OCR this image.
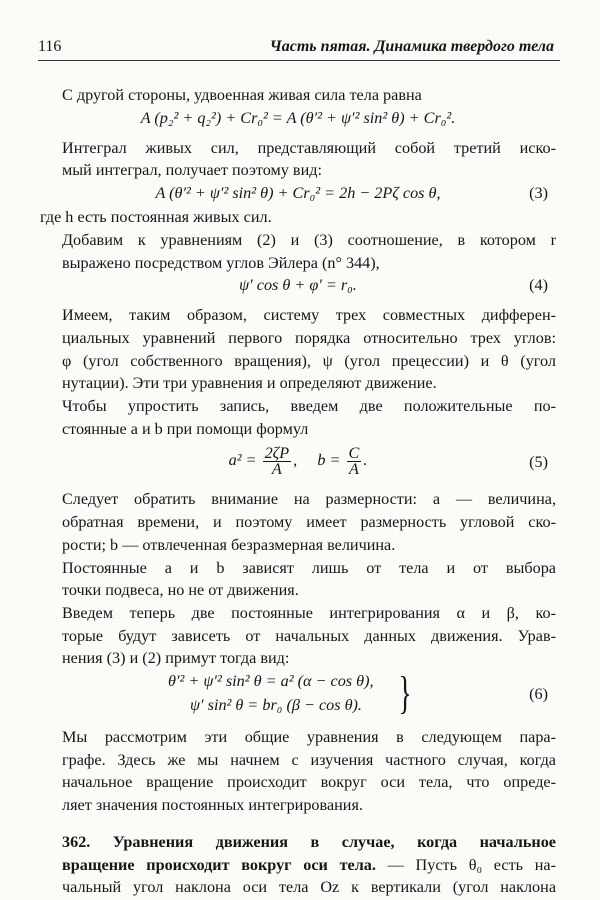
116	Часть пятая. Динамика твердого тела

С другой стороны, удвоенная живая сила тела равна

A (p₂² + q₂²) + Cr₀² = A (θ′² + ψ′² sin² θ) + Cr₀².

Интеграл живых сил, представляющий собой третий иско-
мый интеграл, получает поэтому вид:

A (θ′² + ψ′² sin² θ) + Cr₀² = 2h − 2Pζ cos θ,	(3)

где h есть постоянная живых сил.

Добавим к уравнениям (2) и (3) соотношение, в котором r
выражено посредством углов Эйлера (n° 344),

ψ′ cos θ + φ′ = r₀.	(4)

Имеем, таким образом, систему трех совместных дифферен-
циальных уравнений первого порядка относительно трех углов:
φ (угол собственного вращения), ψ (угол прецессии) и θ (угол
нутации). Эти три уравнения и определяют движение.

Чтобы упростить запись, введем две положительные по-
стоянные a и b при помощи формул

$a^2 = \frac{2\zeta P}{A}$ ,     $b = \frac{C}{A}$ .	(5)

Следует обратить внимание на размерности: a — величина,
обратная времени, и поэтому имеет размерность угловой ско-
рости; b — отвлеченная безразмерная величина.

Постоянные a и b зависят лишь от тела и от выбора
точки подвеса, но не от движения.

Введем теперь две постоянные интегрирования α и β, ко-
торые будут зависеть от начальных данных движения. Урав-
нения (3) и (2) примут тогда вид:

θ′² + ψ′² sin² θ = a² (α − cos θ),
ψ′ sin² θ = br₀ (β − cos θ). }	(6)

Мы рассмотрим эти общие уравнения в следующем пара-
графе. Здесь же мы начнем с изучения частного случая, когда
начальное вращение происходит вокруг оси тела, что опреде-
ляет значения постоянных интегрирования.

362. Уравнения движения в случае, когда начальное
вращение происходит вокруг оси тела. — Пусть θ₀ есть на-
чальный угол наклона оси тела Oz к вертикали (угол наклона
